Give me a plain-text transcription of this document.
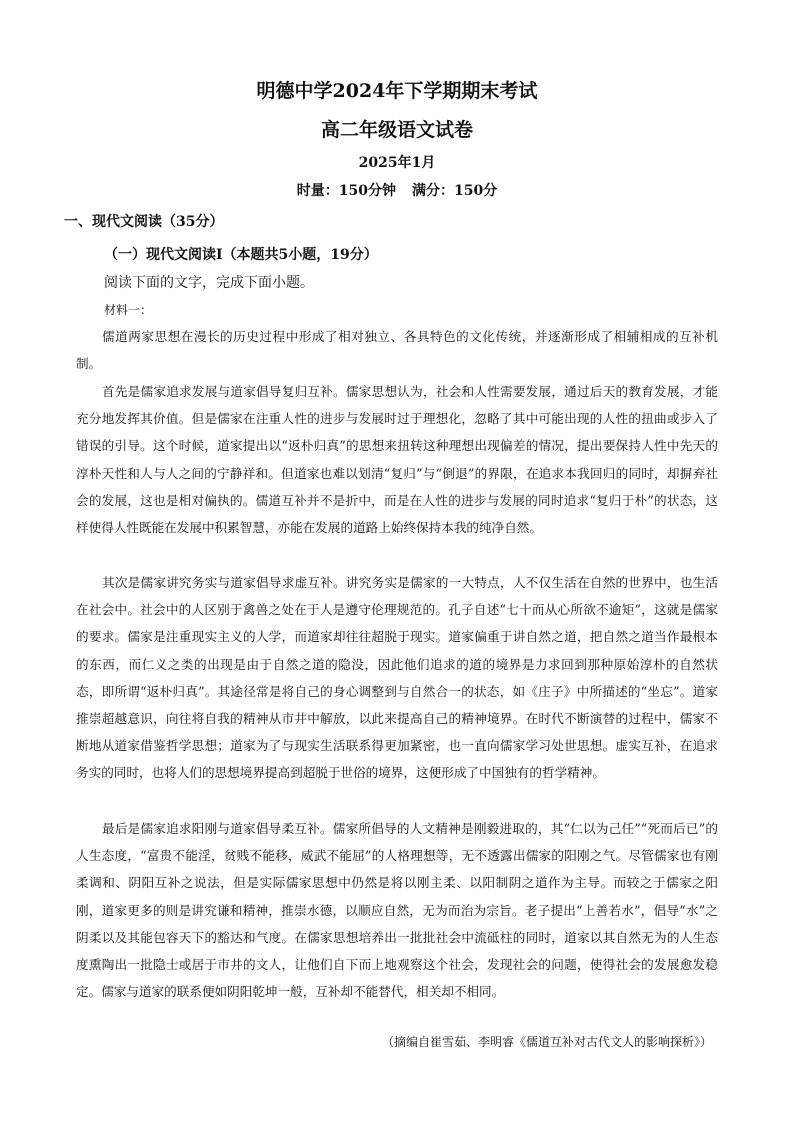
明德中学2024年下学期期末考试
高二年级语文试卷
2025年1月
时量：150分钟 满分：150分
一、现代文阅读（35分）
（一）现代文阅读Ⅰ（本题共5小题，19分）
阅读下面的文字，完成下面小题。
材料一：

儒道两家思想在漫长的历史过程中形成了相对独立、各具特色的文化传统，并逐渐形成了相辅相成的互补机制。

首先是儒家追求发展与道家倡导复归互补。儒家思想认为，社会和人性需要发展，通过后天的教育发展，才能充分地发挥其价值。但是儒家在注重人性的进步与发展时过于理想化，忽略了其中可能出现的人性的扭曲或步入了错误的引导。这个时候，道家提出以“返朴归真”的思想来扭转这种理想出现偏差的情况，提出要保持人性中先天的淳朴天性和人与人之间的宁静祥和。但道家也难以划清“复归”与“倒退”的界限，在追求本我回归的同时，却摒弃社会的发展，这也是相对偏执的。儒道互补并不是折中，而是在人性的进步与发展的同时追求“复归于朴”的状态，这样使得人性既能在发展中积累智慧，亦能在发展的道路上始终保持本我的纯净自然。

其次是儒家讲究务实与道家倡导求虚互补。讲究务实是儒家的一大特点，人不仅生活在自然的世界中，也生活在社会中。社会中的人区别于禽兽之处在于人是遵守伦理规范的。孔子自述“七十而从心所欲不逾矩”，这就是儒家的要求。儒家是注重现实主义的人学，而道家却往往超脱于现实。道家偏重于讲自然之道，把自然之道当作最根本的东西，而仁义之类的出现是由于自然之道的隐没，因此他们追求的道的境界是力求回到那种原始淳朴的自然状态，即所谓“返朴归真”。其途径常是将自己的身心调整到与自然合一的状态，如《庄子》中所描述的“坐忘”。道家推崇超越意识，向往将自我的精神从市井中解放，以此来提高自己的精神境界。在时代不断演替的过程中，儒家不断地从道家借鉴哲学思想；道家为了与现实生活联系得更加紧密，也一直向儒家学习处世思想。虚实互补，在追求务实的同时，也将人们的思想境界提高到超脱于世俗的境界，这便形成了中国独有的哲学精神。

最后是儒家追求阳刚与道家倡导柔互补。儒家所倡导的人文精神是刚毅进取的，其“仁以为己任”“死而后已”的人生态度，“富贵不能淫，贫贱不能移，威武不能屈”的人格理想等，无不透露出儒家的阳刚之气。尽管儒家也有刚柔调和、阴阳互补之说法，但是实际儒家思想中仍然是将以刚主柔、以阳制阴之道作为主导。而较之于儒家之阳刚，道家更多的则是讲究谦和精神，推崇水德，以顺应自然，无为而治为宗旨。老子提出“上善若水”，倡导“水”之阴柔以及其能包容天下的豁达和气度。在儒家思想培养出一批批社会中流砥柱的同时，道家以其自然无为的人生态度熏陶出一批隐士或居于市井的文人，让他们自下而上地观察这个社会，发现社会的问题，使得社会的发展愈发稳定。儒家与道家的联系便如阴阳乾坤一般，互补却不能替代，相关却不相同。

（摘编自崔雪茹、李明睿《儒道互补对古代文人的影响探析》）
